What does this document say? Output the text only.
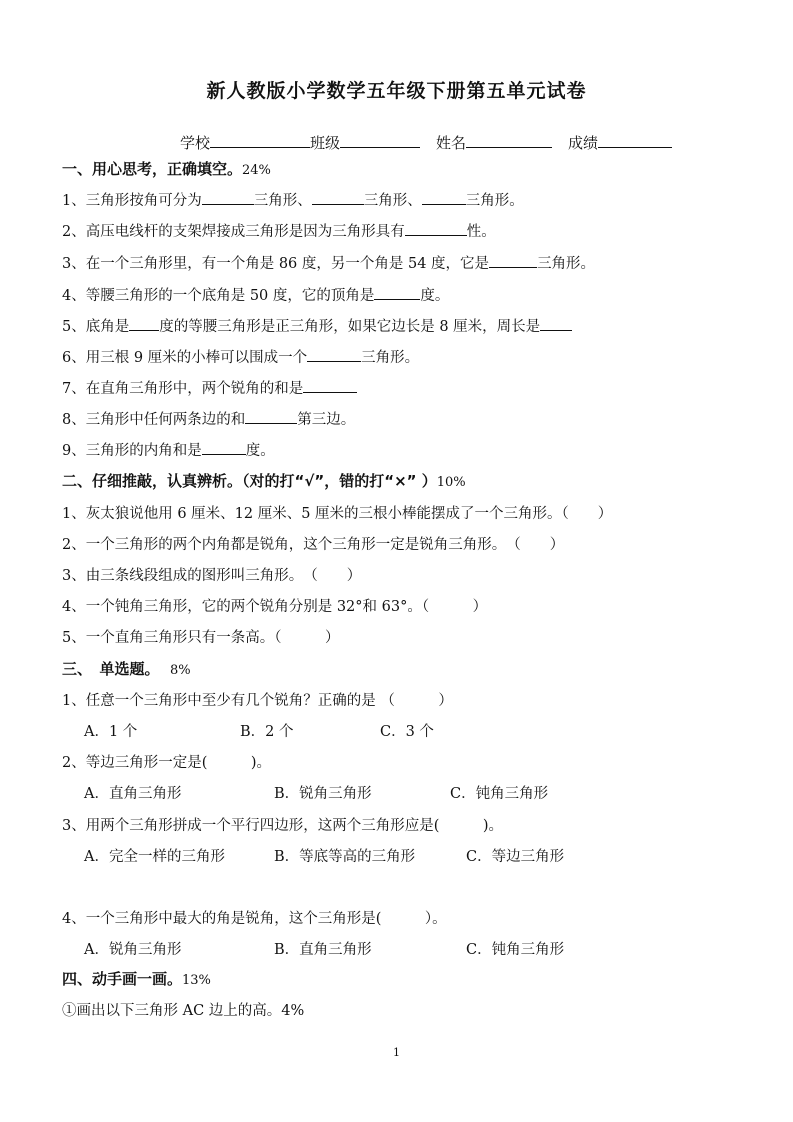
新人教版小学数学五年级下册第五单元试卷
学校	班级	姓名	成绩
一、用心思考，正确填空。24%
1、三角形按角可分为	三角形、	三角形、	三角形。
2、高压电线杆的支架焊接成三角形是因为三角形具有	性。
3、在一个三角形里，有一个角是 86 度，另一个角是 54 度，它是	三角形。
4、等腰三角形的一个底角是 50 度，它的顶角是	度。
5、底角是 度的等腰三角形是正三角形，如果它边长是 8 厘米，周长是
6、用三根 9 厘米的小棒可以围成一个	三角形。
7、在直角三角形中，两个锐角的和是
8、三角形中任何两条边的和	第三边。
9、三角形的内角和是	度。
二、仔细推敲，认真辨析。（对的打“√”，错的打“×” ）10%
1、灰太狼说他用 6 厘米、12 厘米、5 厘米的三根小棒能摆成了一个三角形。（　　）
2、一个三角形的两个内角都是锐角，这个三角形一定是锐角三角形。　（　　）
3、由三条线段组成的图形叫三角形。　（　　）
4、一个钝角三角形，它的两个锐角分别是 32°和 63°。（　　　）
5、一个直角三角形只有一条高。（　　　）
三、　单选题。 8%
1、任意一个三角形中至少有几个锐角？正确的是 （　　　）
A．1 个	B．2 个	C．3 个
2、等边三角形一定是(　　　)。
A．直角三角形	B．锐角三角形	C．钝角三角形
3、用两个三角形拼成一个平行四边形，这两个三角形应是(　　　)。
A．完全一样的三角形	B．等底等高的三角形	C．等边三角形
4、一个三角形中最大的角是锐角，这个三角形是(　　　）。
A．锐角三角形	B．直角三角形	C．钝角三角形
四、动手画一画。13%
①画出以下三角形 AC 边上的高。4%
1
